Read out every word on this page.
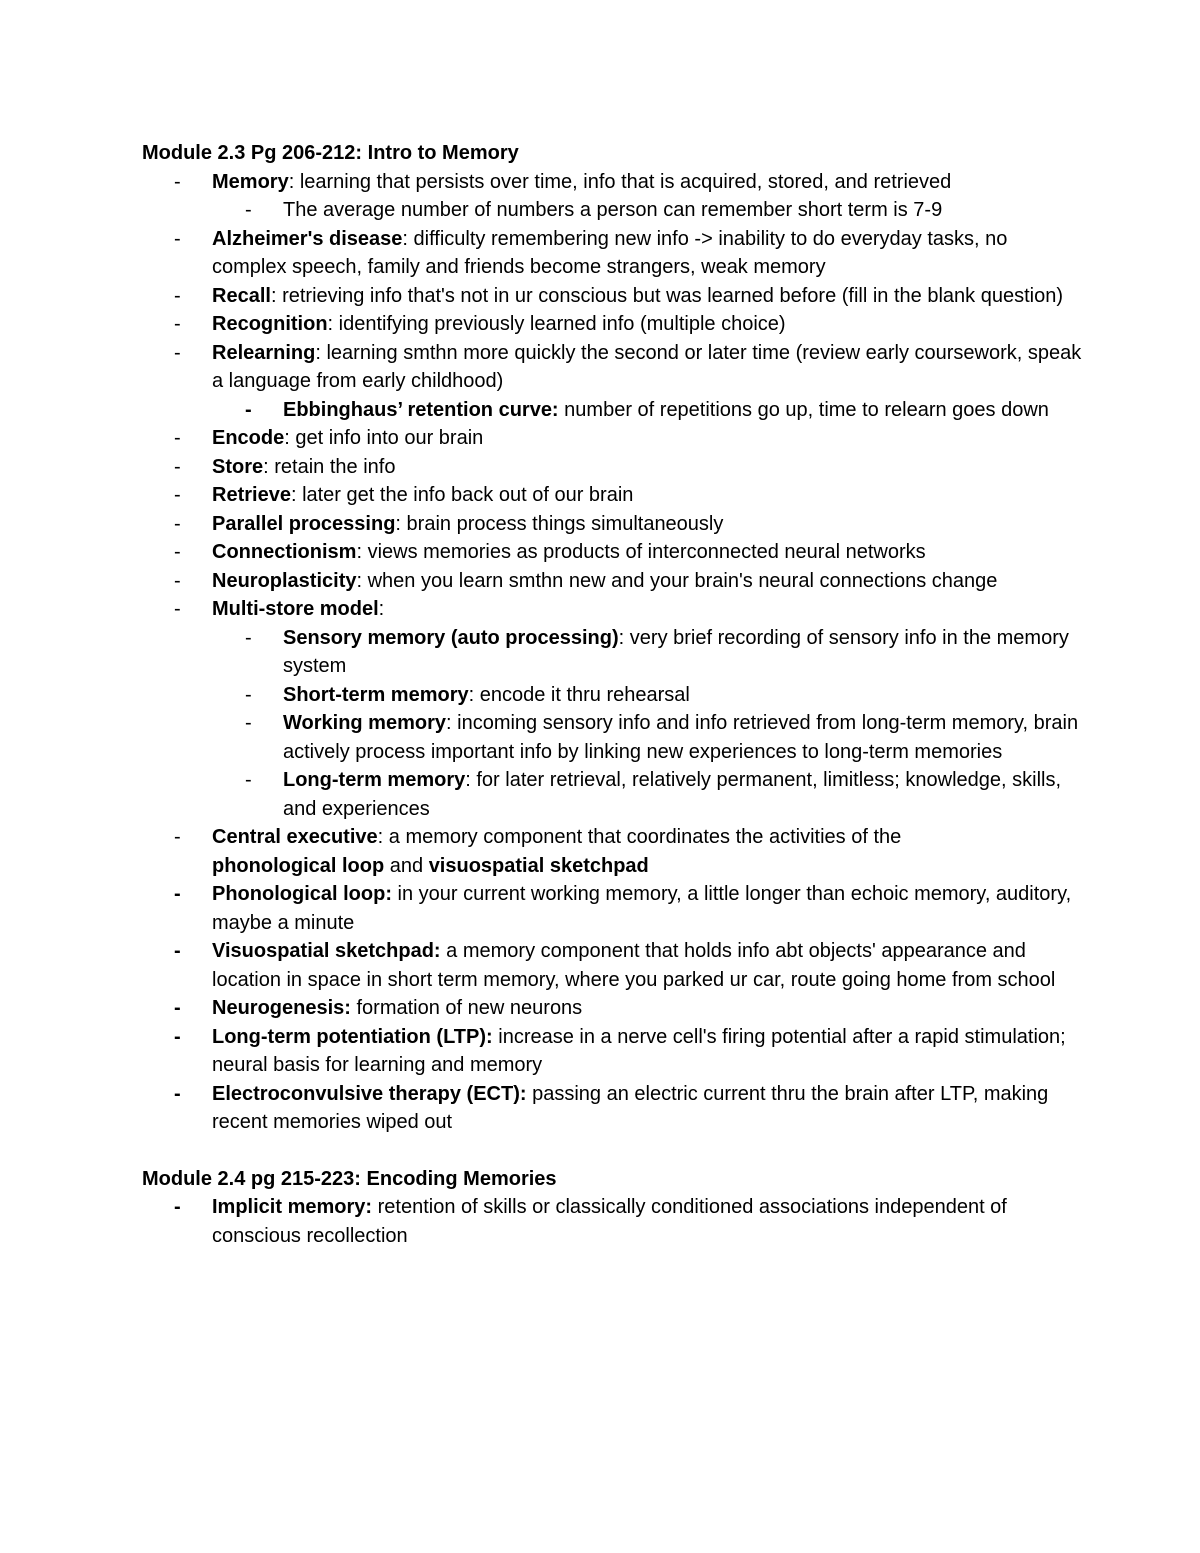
Module 2.3 Pg 206-212: Intro to Memory

- Memory: learning that persists over time, info that is acquired, stored, and retrieved
- The average number of numbers a person can remember short term is 7-9
- Alzheimer's disease: difficulty remembering new info -> inability to do everyday tasks, no complex speech, family and friends become strangers, weak memory
- Recall: retrieving info that's not in ur conscious but was learned before (fill in the blank question)
- Recognition: identifying previously learned info (multiple choice)
- Relearning: learning smthn more quickly the second or later time (review early coursework, speak a language from early childhood)
- Ebbinghaus’ retention curve: number of repetitions go up, time to relearn goes down
- Encode: get info into our brain
- Store: retain the info
- Retrieve: later get the info back out of our brain
- Parallel processing: brain process things simultaneously
- Connectionism: views memories as products of interconnected neural networks
- Neuroplasticity: when you learn smthn new and your brain's neural connections change
- Multi-store model:
- Sensory memory (auto processing): very brief recording of sensory info in the memory system
- Short-term memory: encode it thru rehearsal
- Working memory: incoming sensory info and info retrieved from long-term memory, brain actively process important info by linking new experiences to long-term memories
- Long-term memory: for later retrieval, relatively permanent, limitless; knowledge, skills, and experiences
- Central executive: a memory component that coordinates the activities of the
phonological loop and visuospatial sketchpad
- Phonological loop: in your current working memory, a little longer than echoic memory, auditory, maybe a minute
- Visuospatial sketchpad: a memory component that holds info abt objects' appearance and location in space in short term memory, where you parked ur car, route going home from school
- Neurogenesis: formation of new neurons
- Long-term potentiation (LTP): increase in a nerve cell's firing potential after a rapid stimulation; neural basis for learning and memory
- Electroconvulsive therapy (ECT): passing an electric current thru the brain after LTP, making recent memories wiped out

Module 2.4 pg 215-223: Encoding Memories

- Implicit memory: retention of skills or classically conditioned associations independent of conscious recollection
